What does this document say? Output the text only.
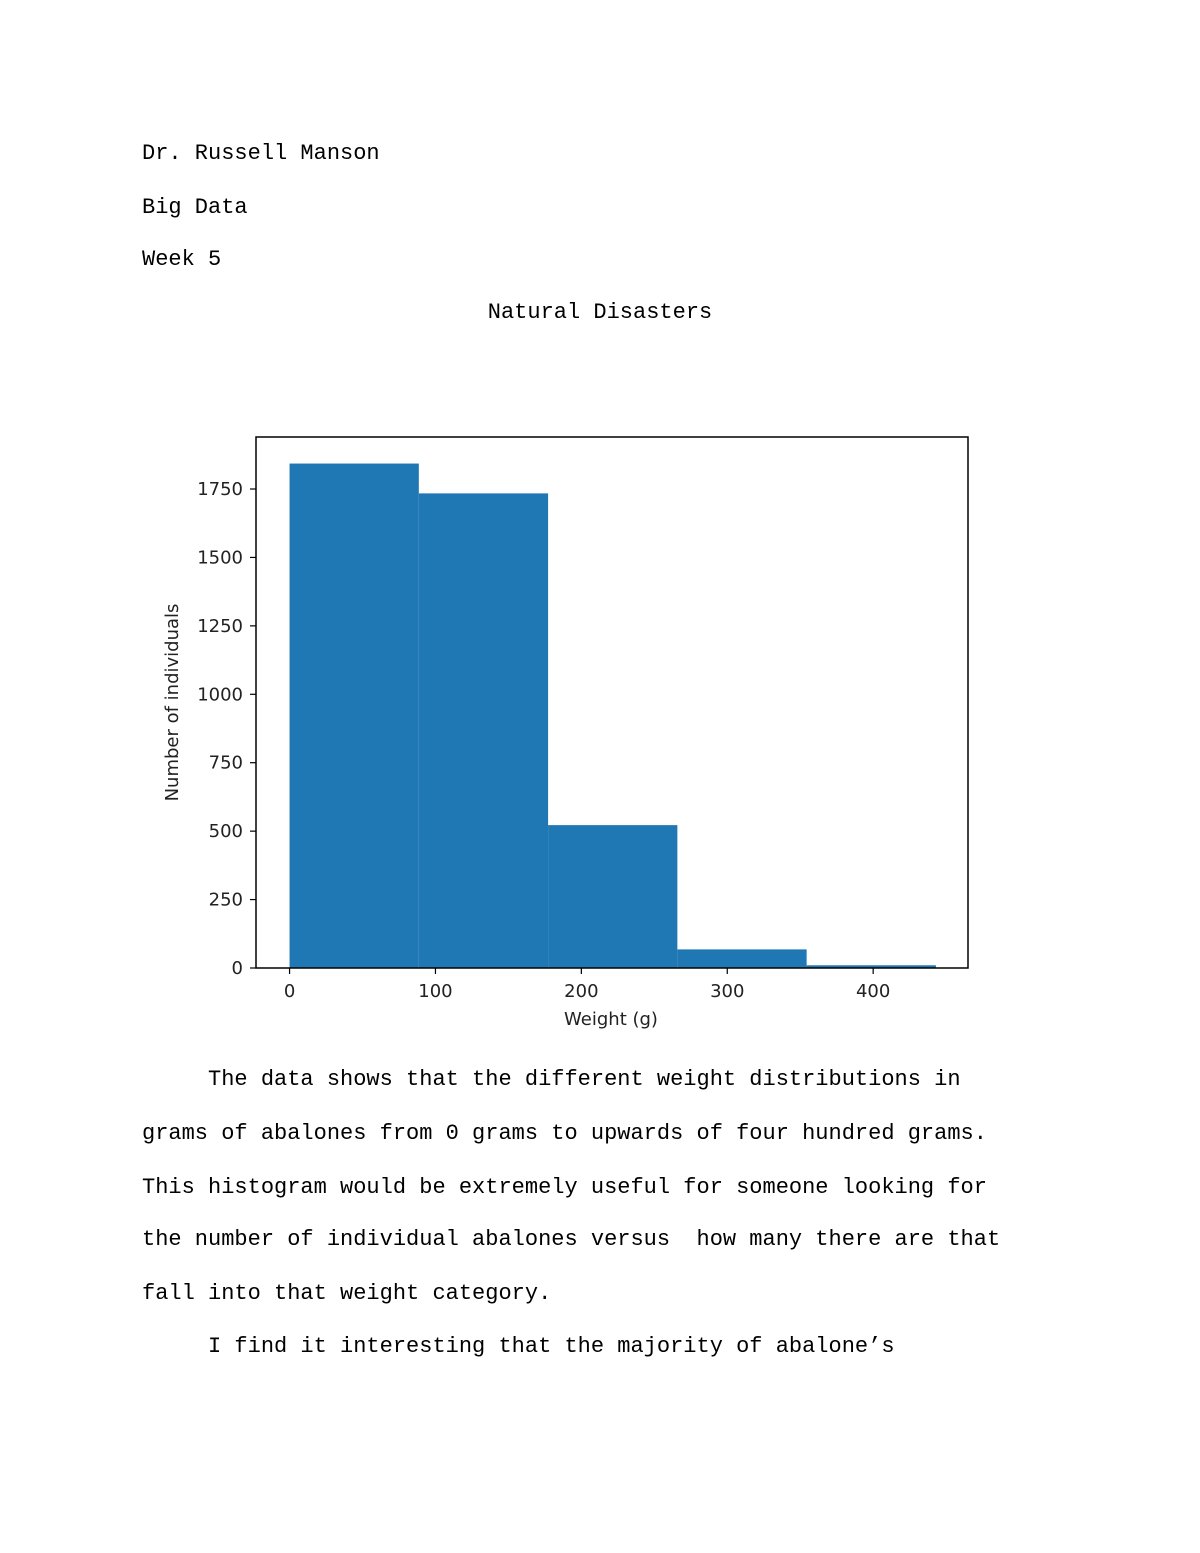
Dr. Russell Manson
Big Data
Week 5
Natural Disasters
0	100	200	300	400
0
250
500
750
1000
1250
1500
1750
Weight (g)
Number of individuals
The data shows that the different weight distributions in
grams of abalones from 0 grams to upwards of four hundred grams.
This histogram would be extremely useful for someone looking for
the number of individual abalones versus  how many there are that
fall into that weight category.
I find it interesting that the majority of abalone’s
